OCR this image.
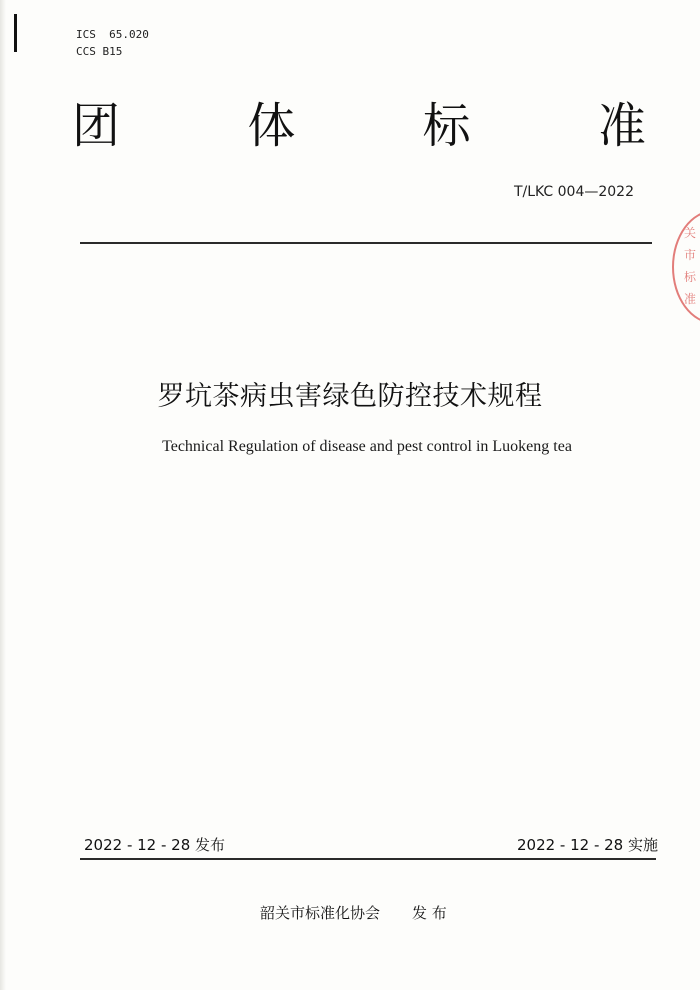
ICS 65.020
CCS B15
团	体	标	准
T/LKC 004—2022
罗坑茶病虫害绿色防控技术规程
Technical Regulation of disease and pest control in Luokeng tea
2022 - 12 - 28 发布	2022 - 12 - 28 实施
韶关市标准化协会 发 布
关
市
标
准
